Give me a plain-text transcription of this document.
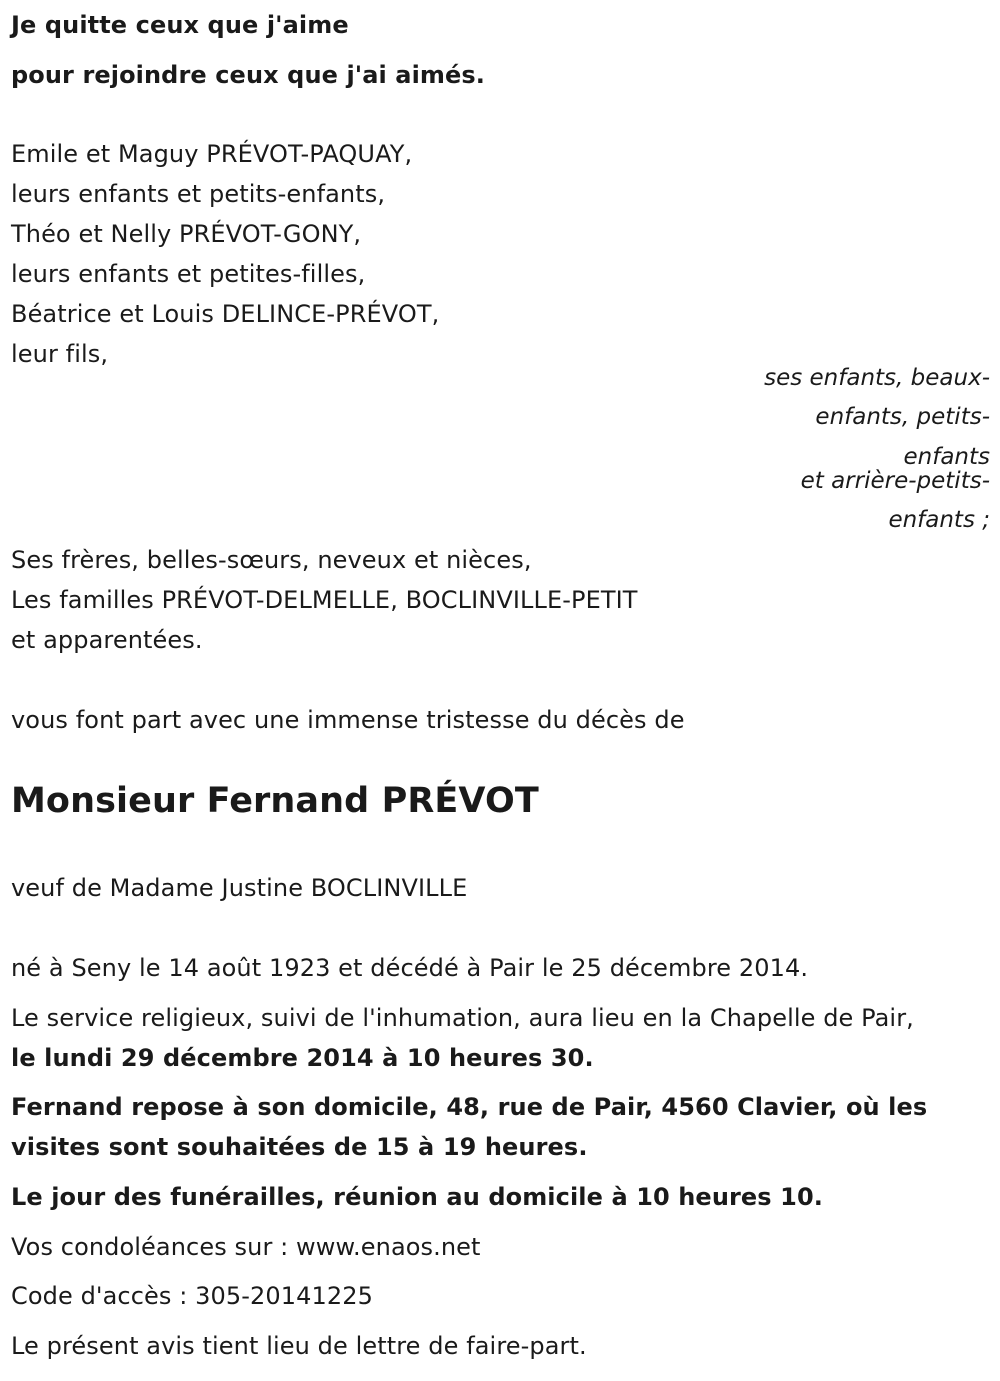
Je quitte ceux que j'aime
pour rejoindre ceux que j'ai aimés.
Emile et Maguy PRÉVOT-PAQUAY,
leurs enfants et petits-enfants,
Théo et Nelly PRÉVOT-GONY,
leurs enfants et petites-filles,
Béatrice et Louis DELINCE-PRÉVOT,
leur fils,
ses enfants, beaux-
enfants, petits-
enfants
et arrière-petits-
enfants ;
Ses frères, belles-sœurs, neveux et nièces,
Les familles PRÉVOT-DELMELLE, BOCLINVILLE-PETIT
et apparentées.
vous font part avec une immense tristesse du décès de
Monsieur Fernand PRÉVOT
veuf de Madame Justine BOCLINVILLE
né à Seny le 14 août 1923 et décédé à Pair le 25 décembre 2014.
Le service religieux, suivi de l'inhumation, aura lieu en la Chapelle de Pair,
le lundi 29 décembre 2014 à 10 heures 30.
Fernand repose à son domicile, 48, rue de Pair, 4560 Clavier, où les
visites sont souhaitées de 15 à 19 heures.
Le jour des funérailles, réunion au domicile à 10 heures 10.
Vos condoléances sur : www.enaos.net
Code d'accès : 305-20141225
Le présent avis tient lieu de lettre de faire-part.
